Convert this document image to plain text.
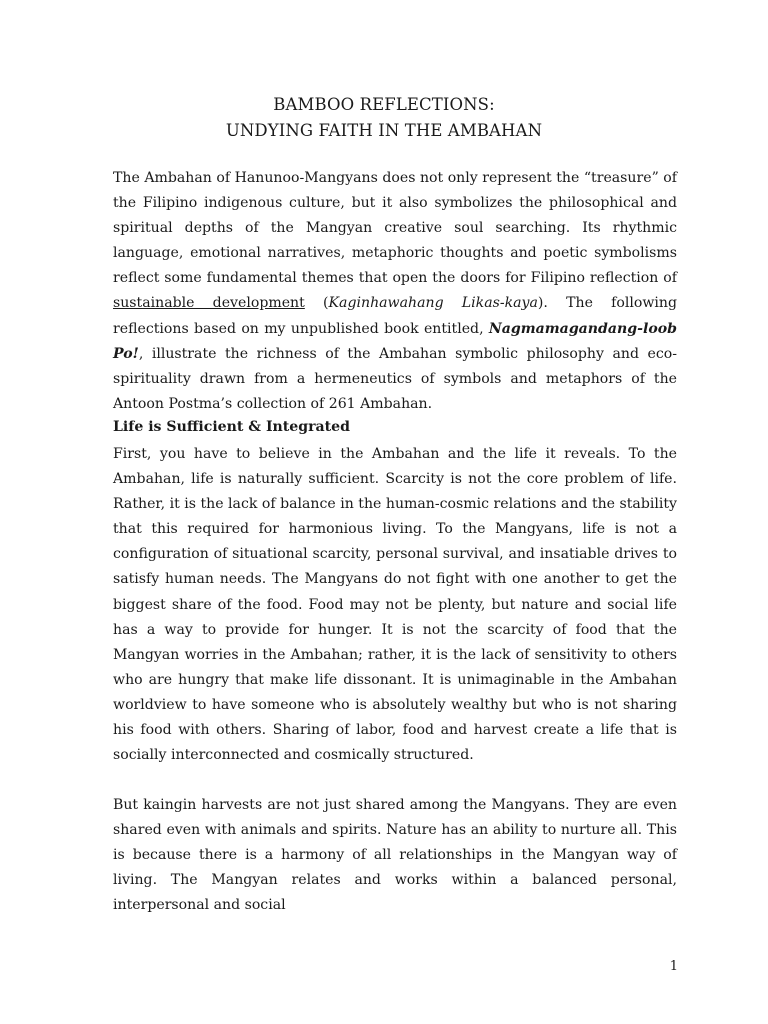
BAMBOO REFLECTIONS:
UNDYING FAITH IN THE AMBAHAN

The Ambahan of Hanunoo-Mangyans does not only represent the “treasure” of the Filipino indigenous culture, but it also symbolizes the philosophical and spiritual depths of the Mangyan creative soul searching. Its rhythmic language, emotional narratives, metaphoric thoughts and poetic symbolisms reflect some fundamental themes that open the doors for Filipino reflection of sustainable development (Kaginhawahang Likas-kaya). The following reflections based on my unpublished book entitled, Nagmamagandang-loob Po!, illustrate the richness of the Ambahan symbolic philosophy and eco-spirituality drawn from a hermeneutics of symbols and metaphors of the Antoon Postma’s collection of 261 Ambahan.

Life is Sufficient & Integrated

First, you have to believe in the Ambahan and the life it reveals. To the Ambahan, life is naturally sufficient. Scarcity is not the core problem of life. Rather, it is the lack of balance in the human-cosmic relations and the stability that this required for harmonious living. To the Mangyans, life is not a configuration of situational scarcity, personal survival, and insatiable drives to satisfy human needs. The Mangyans do not fight with one another to get the biggest share of the food. Food may not be plenty, but nature and social life has a way to provide for hunger. It is not the scarcity of food that the Mangyan worries in the Ambahan; rather, it is the lack of sensitivity to others who are hungry that make life dissonant. It is unimaginable in the Ambahan worldview to have someone who is absolutely wealthy but who is not sharing his food with others. Sharing of labor, food and harvest create a life that is socially interconnected and cosmically structured.

But kaingin harvests are not just shared among the Mangyans. They are even shared even with animals and spirits. Nature has an ability to nurture all. This is because there is a harmony of all relationships in the Mangyan way of living. The Mangyan relates and works within a balanced personal, interpersonal and social

1
